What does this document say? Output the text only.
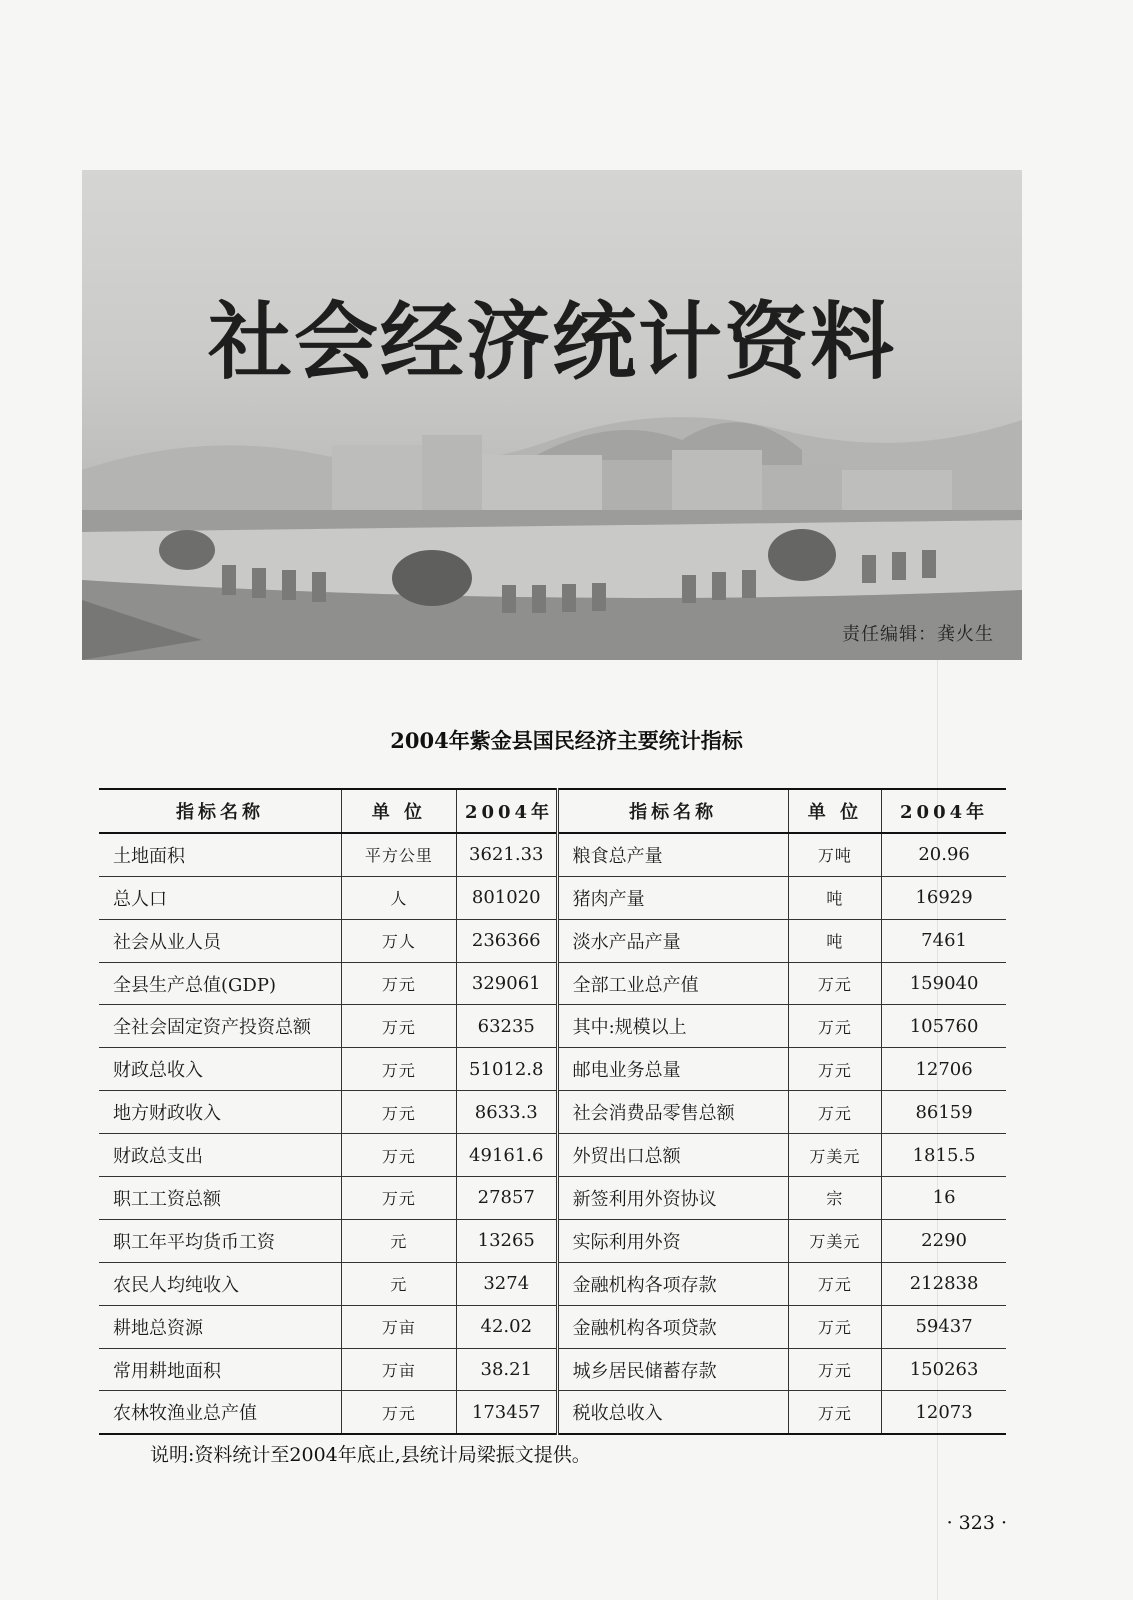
社会经济统计资料
责任编辑：龚火生
2004年紫金县国民经济主要统计指标
指标名称	单 位	2004年	指标名称	单 位	2004年
土地面积	平方公里	3621.33	粮食总产量	万吨	20.96
总人口	人	801020	猪肉产量	吨	16929
社会从业人员	万人	236366	淡水产品产量	吨	7461
全县生产总值(GDP)	万元	329061	全部工业总产值	万元	159040
全社会固定资产投资总额	万元	63235	其中:规模以上	万元	105760
财政总收入	万元	51012.8	邮电业务总量	万元	12706
地方财政收入	万元	8633.3	社会消费品零售总额	万元	86159
财政总支出	万元	49161.6	外贸出口总额	万美元	1815.5
职工工资总额	万元	27857	新签利用外资协议	宗	16
职工年平均货币工资	元	13265	实际利用外资	万美元	2290
农民人均纯收入	元	3274	金融机构各项存款	万元	212838
耕地总资源	万亩	42.02	金融机构各项贷款	万元	59437
常用耕地面积	万亩	38.21	城乡居民储蓄存款	万元	150263
农林牧渔业总产值	万元	173457	税收总收入	万元	12073
说明:资料统计至2004年底止,县统计局梁振文提供。
· 323 ·
